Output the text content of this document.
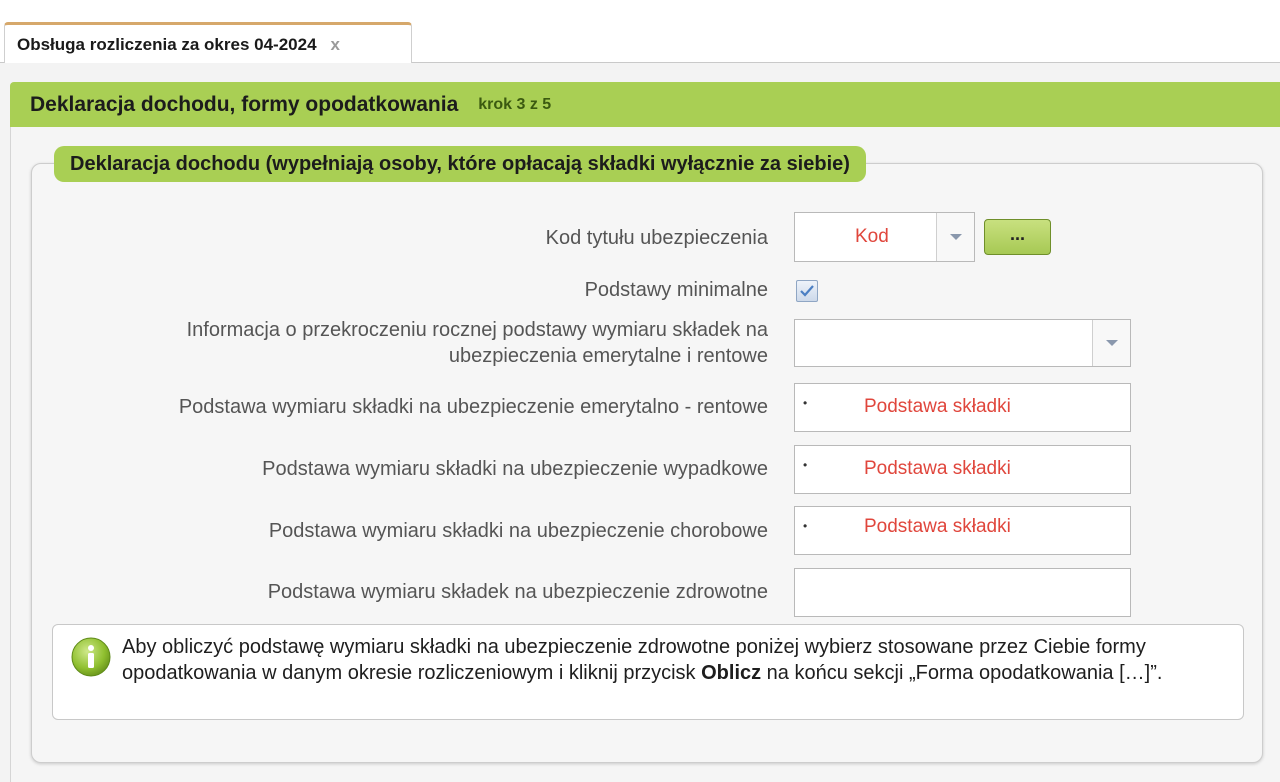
Obsługa rozliczenia za okres 04-2024 x
Deklaracja dochodu, formy opodatkowania krok 3 z 5
Deklaracja dochodu (wypełniają osoby, które opłacają składki wyłącznie za siebie)
Kod tytułu ubezpieczenia	Kod	...
Podstawy minimalne
Informacja o przekroczeniu rocznej podstawy wymiaru składek na
ubezpieczenia emerytalne i rentowe
Podstawa wymiaru składki na ubezpieczenie emerytalno - rentowe	•	Podstawa składki
Podstawa wymiaru składki na ubezpieczenie wypadkowe	•	Podstawa składki
Podstawa wymiaru składki na ubezpieczenie chorobowe	•	Podstawa składki
Podstawa wymiaru składek na ubezpieczenie zdrowotne
Aby obliczyć podstawę wymiaru składki na ubezpieczenie zdrowotne poniżej wybierz stosowane przez Ciebie formy opodatkowania w danym okresie rozliczeniowym i kliknij przycisk Oblicz na końcu sekcji „Forma opodatkowania […]”.
